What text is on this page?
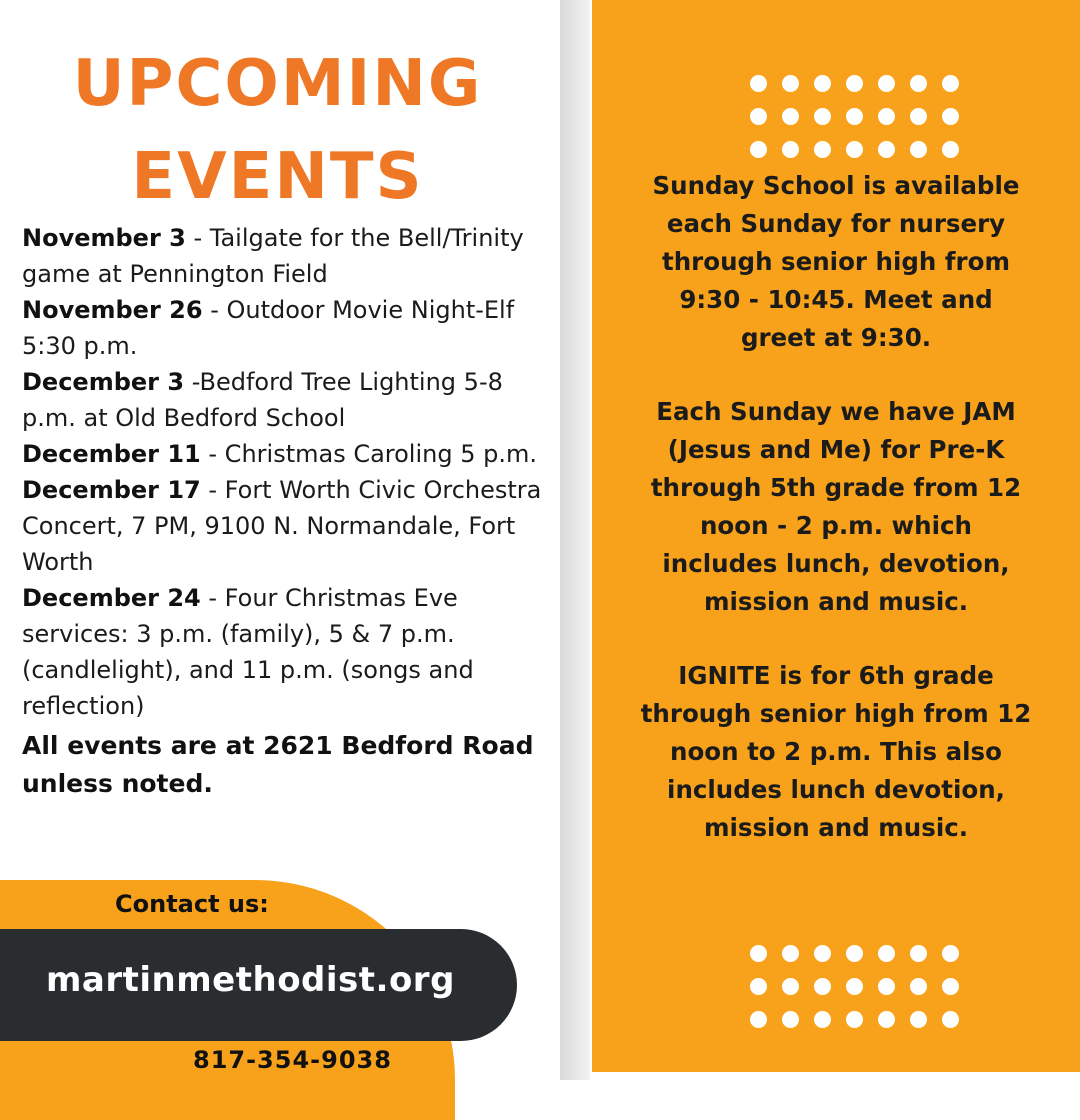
UPCOMING
EVENTS

November 3 - Tailgate for the Bell/Trinity game at Pennington Field

November 26 - Outdoor Movie Night-Elf 5:30 p.m.

December 3 -Bedford Tree Lighting 5-8 p.m. at Old Bedford School

December 11 - Christmas Caroling 5 p.m.

December 17 - Fort Worth Civic Orchestra Concert, 7 PM, 9100 N. Normandale, Fort Worth

December 24 - Four Christmas Eve services: 3 p.m. (family), 5 & 7 p.m. (candlelight), and 11 p.m. (songs and reflection)

All events are at 2621 Bedford Road unless noted.
Contact us:
martinmethodist.org
817-354-9038

Sunday School is available each Sunday for nursery through senior high from 9:30 - 10:45. Meet and greet at 9:30.

Each Sunday we have JAM (Jesus and Me) for Pre-K through 5th grade from 12 noon - 2 p.m. which includes lunch, devotion, mission and music.

IGNITE is for 6th grade through senior high from 12 noon to 2 p.m. This also includes lunch devotion, mission and music.
